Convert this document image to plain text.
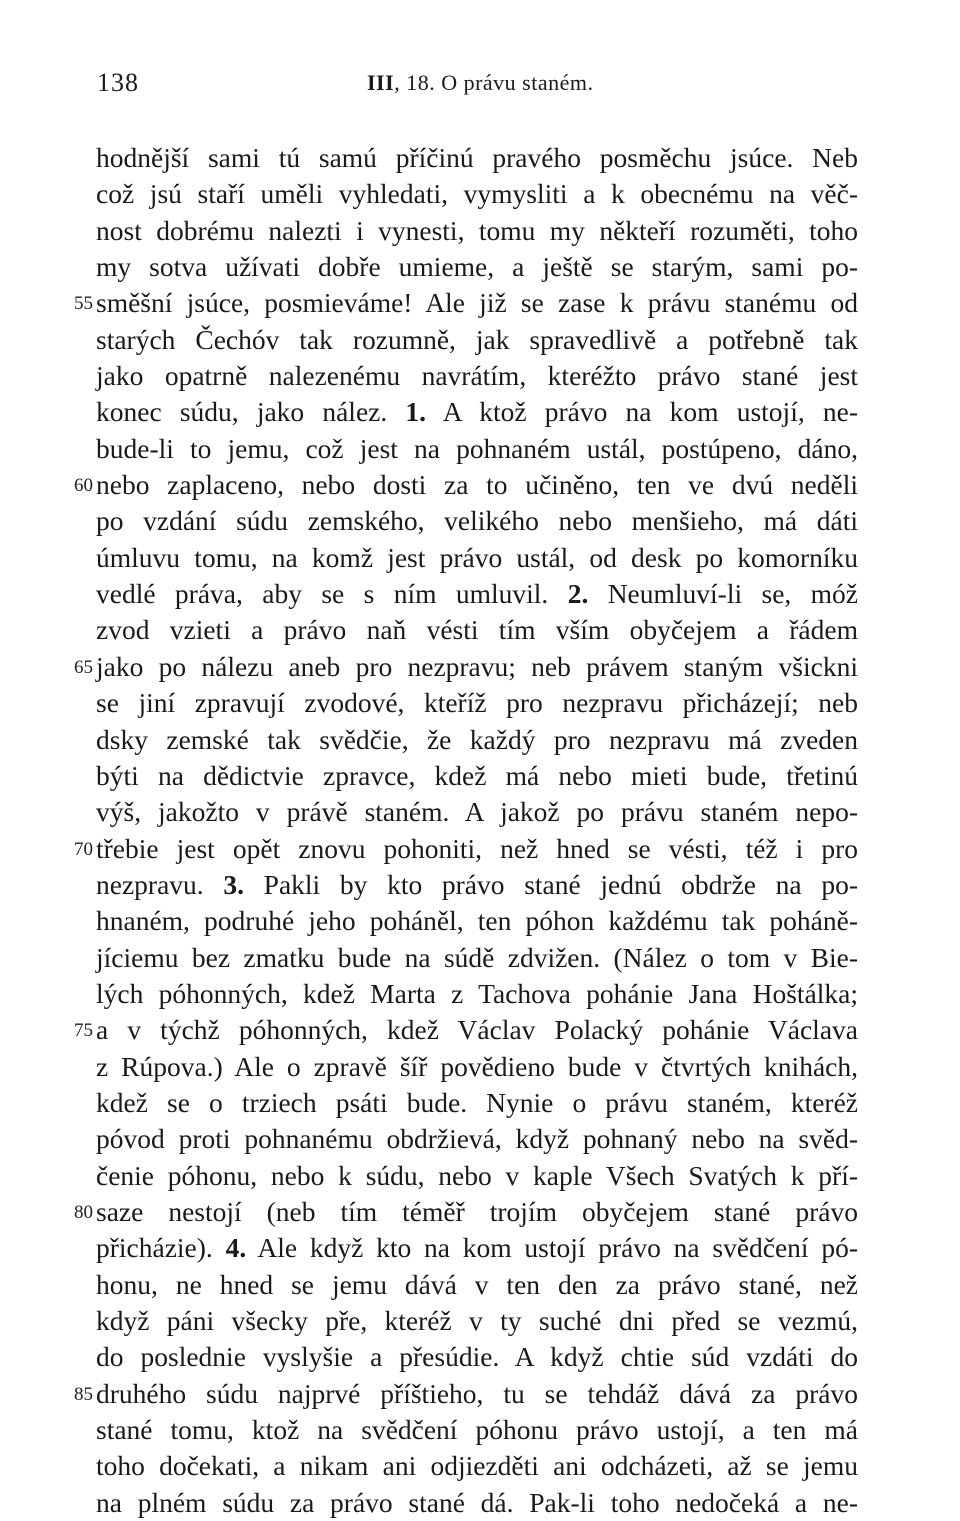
138	III, 18. O právu staném.
hodnější sami tú samú příčinú pravého posměchu jsúce. Neb
což jsú staří uměli vyhledati, vymysliti a k obecnému na věč-
nost dobrému nalezti i vynesti, tomu my někteří rozuměti, toho
my sotva užívati dobře umieme, a ještě se starým, sami po-
55 směšní jsúce, posmieváme! Ale již se zase k právu stanému od
starých Čechóv tak rozumně, jak spravedlivě a potřebně tak
jako opatrně nalezenému navrátím, kteréžto právo stané jest
konec súdu, jako nález. 1. A ktož právo na kom ustojí, ne-
bude-li to jemu, což jest na pohnaném ustál, postúpeno, dáno,
60 nebo zaplaceno, nebo dosti za to učiněno, ten ve dvú neděli
po vzdání súdu zemského, velikého nebo menšieho, má dáti
úmluvu tomu, na komž jest právo ustál, od desk po komorníku
vedlé práva, aby se s ním umluvil. 2. Neumluví-li se, móž
zvod vzieti a právo naň vésti tím vším obyčejem a řádem
65 jako po nálezu aneb pro nezpravu; neb právem staným všickni
se jiní zpravují zvodové, kteříž pro nezpravu přicházejí; neb
dsky zemské tak svědčie, že každý pro nezpravu má zveden
býti na dědictvie zpravce, kdež má nebo mieti bude, třetinú
výš, jakožto v právě staném. A jakož po právu staném nepo-
70 třebie jest opět znovu pohoniti, než hned se vésti, též i pro
nezpravu. 3. Pakli by kto právo stané jednú obdrže na po-
hnaném, podruhé jeho poháněl, ten póhon každému tak poháně-
jíciemu bez zmatku bude na súdě zdvižen. (Nález o tom v Bie-
lých póhonných, kdež Marta z Tachova pohánie Jana Hoštálka;
75 a v týchž póhonných, kdež Václav Polacký pohánie Václava
z Rúpova.) Ale o zpravě šíř povědieno bude v čtvrtých knihách,
kdež se o trziech psáti bude. Nynie o právu staném, kteréž
póvod proti pohnanému obdržievá, když pohnaný nebo na svěd-
čenie póhonu, nebo k súdu, nebo v kaple Všech Svatých k pří-
80 saze nestojí (neb tím téměř trojím obyčejem stané právo
přicházie). 4. Ale když kto na kom ustojí právo na svědčení pó-
honu, ne hned se jemu dává v ten den za právo stané, než
když páni všecky pře, kteréž v ty suché dni před se vezmú,
do poslednie vyslyšie a přesúdie. A když chtie súd vzdáti do
85 druhého súdu najprvé příštieho, tu se tehdáž dává za právo
stané tomu, ktož na svědčení póhonu právo ustojí, a ten má
toho dočekati, a nikam ani odjiezděti ani odcházeti, až se jemu
na plném súdu za právo stané dá. Pak-li toho nedočeká a ne-
